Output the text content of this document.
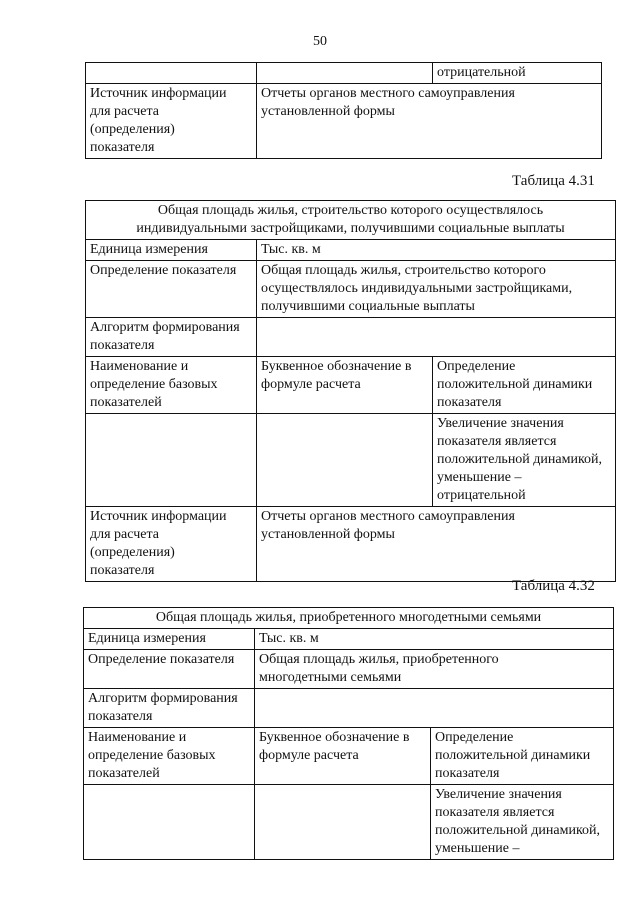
50
		отрицательной
Источник информации
для расчета
(определения)
показателя	Отчеты органов местного самоуправления
установленной формы	
Таблица 4.31
Общая площадь жилья, строительство которого осуществлялось
индивидуальными застройщиками, получившими социальные выплаты		
Единица измерения	Тыс. кв. м	
Определение показателя	Общая площадь жилья, строительство которого
осуществлялось индивидуальными застройщиками,
получившими социальные выплаты	
Алгоритм формирования
показателя		
Наименование и
определение базовых
показателей	Буквенное обозначение в
формуле расчета	Определение
положительной динамики
показателя
		Увеличение значения
показателя является
положительной динамикой,
уменьшение –
отрицательной
Источник информации
для расчета
(определения)
показателя	Отчеты органов местного самоуправления
установленной формы	
Таблица 4.32
Общая площадь жилья, приобретенного многодетными семьями		
Единица измерения	Тыс. кв. м	
Определение показателя	Общая площадь жилья, приобретенного
многодетными семьями	
Алгоритм формирования
показателя		
Наименование и
определение базовых
показателей	Буквенное обозначение в
формуле расчета	Определение
положительной динамики
показателя
		Увеличение значения
показателя является
положительной динамикой,
уменьшение –
